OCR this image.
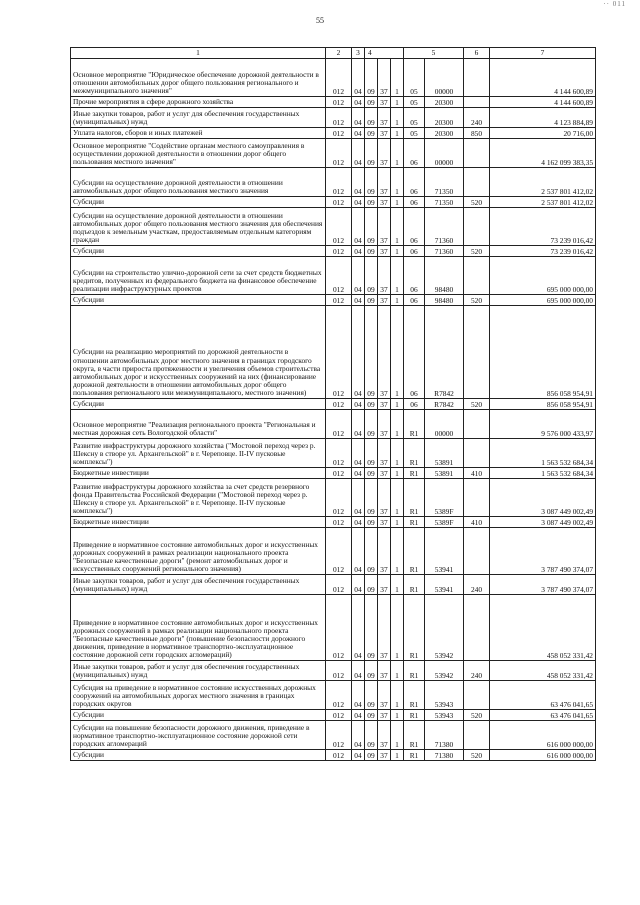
55
·· 011
1	2	3	4			5		6	7
Основное мероприятие "Юридическое обеспечение дорожной деятельности в отношении автомобильных дорог общего пользования регионального и межмуниципального значения"	012	04	09	37	1	05	00000		4 144 600,89
Прочие мероприятия в сфере дорожного хозяйства	012	04	09	37	1	05	20300		4 144 600,89
Иные закупки товаров, работ и услуг для обеспечения государственных (муниципальных) нужд	012	04	09	37	1	05	20300	240	4 123 884,89
Уплата налогов, сборов и иных платежей	012	04	09	37	1	05	20300	850	20 716,00
Основное мероприятие "Содействие органам местного самоуправления в осуществлении дорожной деятельности в отношении дорог общего пользования местного значения"	012	04	09	37	1	06	00000		4 162 099 383,35
Субсидии на осуществление дорожной деятельности в отношении автомобильных дорог общего пользования местного значения	012	04	09	37	1	06	71350		2 537 801 412,02
Субсидии	012	04	09	37	1	06	71350	520	2 537 801 412,02
Субсидии на осуществление дорожной деятельности в отношении автомобильных дорог общего пользования местного значения для обеспечения подъездов к земельным участкам, предоставляемым отдельным категориям граждан	012	04	09	37	1	06	71360		73 239 016,42
Субсидии	012	04	09	37	1	06	71360	520	73 239 016,42
Субсидии на строительство улично-дорожной сети за счет средств бюджетных кредитов, полученных из федерального бюджета на финансовое обеспечение реализации инфраструктурных проектов	012	04	09	37	1	06	98480		695 000 000,00
Субсидии	012	04	09	37	1	06	98480	520	695 000 000,00
Субсидии на реализацию мероприятий по дорожной деятельности в отношении автомобильных дорог местного значения в границах городского округа, в части прироста протяженности и увеличения объемов строительства автомобильных дорог и искусственных сооружений на них (финансирование дорожной деятельности в отношении автомобильных дорог общего пользования регионального или межмуниципального, местного значения)	012	04	09	37	1	06	R7842		856 058 954,91
Субсидии	012	04	09	37	1	06	R7842	520	856 058 954,91
Основное мероприятие "Реализация регионального проекта "Региональная и местная дорожная сеть Вологодской области"	012	04	09	37	1	R1	00000		9 576 000 433,97
Развитие инфраструктуры дорожного хозяйства ("Мостовой переход через р. Шексну в створе ул. Архангельской" в г. Череповце. II-IV пусковые комплексы")	012	04	09	37	1	R1	53891		1 563 532 684,34
Бюджетные инвестиции	012	04	09	37	1	R1	53891	410	1 563 532 684,34
Развитие инфраструктуры дорожного хозяйства за счет средств резервного фонда Правительства Российской Федерации ("Мостовой переход через р. Шексну в створе ул. Архангельской" в г. Череповце. II-IV пусковые комплексы")	012	04	09	37	1	R1	5389F		3 087 449 002,49
Бюджетные инвестиции	012	04	09	37	1	R1	5389F	410	3 087 449 002,49
Приведение в нормативное состояние автомобильных дорог и искусственных дорожных сооружений в рамках реализации национального проекта "Безопасные качественные дороги" (ремонт автомобильных дорог и искусственных сооружений регионального значения)	012	04	09	37	1	R1	53941		3 787 490 374,07
Иные закупки товаров, работ и услуг для обеспечения государственных (муниципальных) нужд	012	04	09	37	1	R1	53941	240	3 787 490 374,07
Приведение в нормативное состояние автомобильных дорог и искусственных дорожных сооружений в рамках реализации национального проекта "Безопасные качественные дороги" (повышение безопасности дорожного движения, приведение в нормативное транспортно-эксплуатационное состояние дорожной сети городских агломераций)	012	04	09	37	1	R1	53942		458 052 331,42
Иные закупки товаров, работ и услуг для обеспечения государственных (муниципальных) нужд	012	04	09	37	1	R1	53942	240	458 052 331,42
Субсидия на приведение в нормативное состояние искусственных дорожных сооружений на автомобильных дорогах местного значения в границах городских округов	012	04	09	37	1	R1	53943		63 476 041,65
Субсидии	012	04	09	37	1	R1	53943	520	63 476 041,65
Субсидии на повышение безопасности дорожного движения, приведение в нормативное транспортно-эксплуатационное состояние дорожной сети городских агломераций	012	04	09	37	1	R1	71380		616 000 000,00
Субсидии	012	04	09	37	1	R1	71380	520	616 000 000,00
